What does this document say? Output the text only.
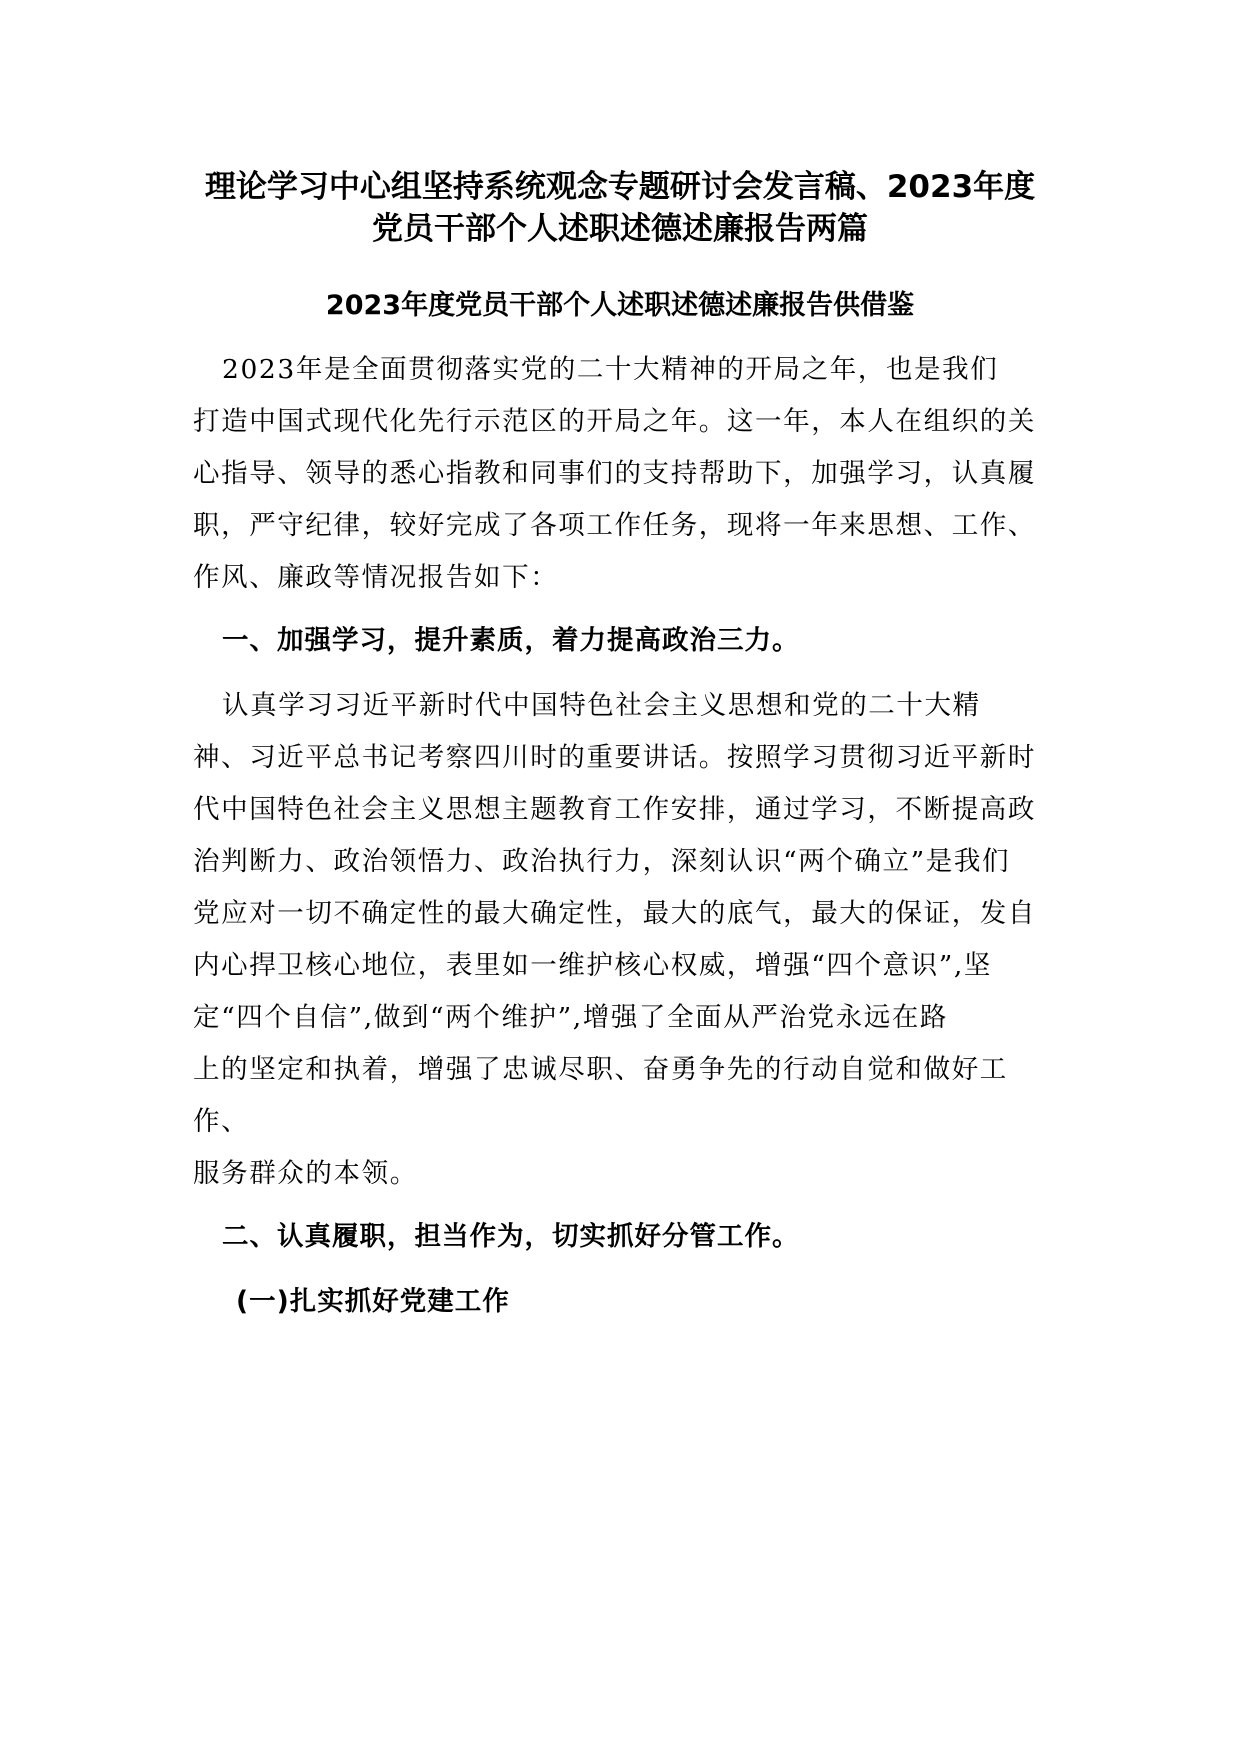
理论学习中心组坚持系统观念专题研讨会发言稿、2023年度
党员干部个人述职述德述廉报告两篇
2023年度党员干部个人述职述德述廉报告供借鉴
2023年是全面贯彻落实党的二十大精神的开局之年，也是我们
打造中国式现代化先行示范区的开局之年。这一年，本人在组织的关
心指导、领导的悉心指教和同事们的支持帮助下，加强学习，认真履
职，严守纪律，较好完成了各项工作任务，现将一年来思想、工作、
作风、廉政等情况报告如下：
一、加强学习，提升素质，着力提高政治三力。
认真学习习近平新时代中国特色社会主义思想和党的二十大精
神、习近平总书记考察四川时的重要讲话。按照学习贯彻习近平新时
代中国特色社会主义思想主题教育工作安排，通过学习，不断提高政
治判断力、政治领悟力、政治执行力，深刻认识“两个确立”是我们
党应对一切不确定性的最大确定性，最大的底气，最大的保证，发自
内心捍卫核心地位，表里如一维护核心权威，增强“四个意识”,坚
定“四个自信”,做到“两个维护”,增强了全面从严治党永远在路
上的坚定和执着，增强了忠诚尽职、奋勇争先的行动自觉和做好工
作、
服务群众的本领。
二、认真履职，担当作为，切实抓好分管工作。
(一)扎实抓好党建工作
